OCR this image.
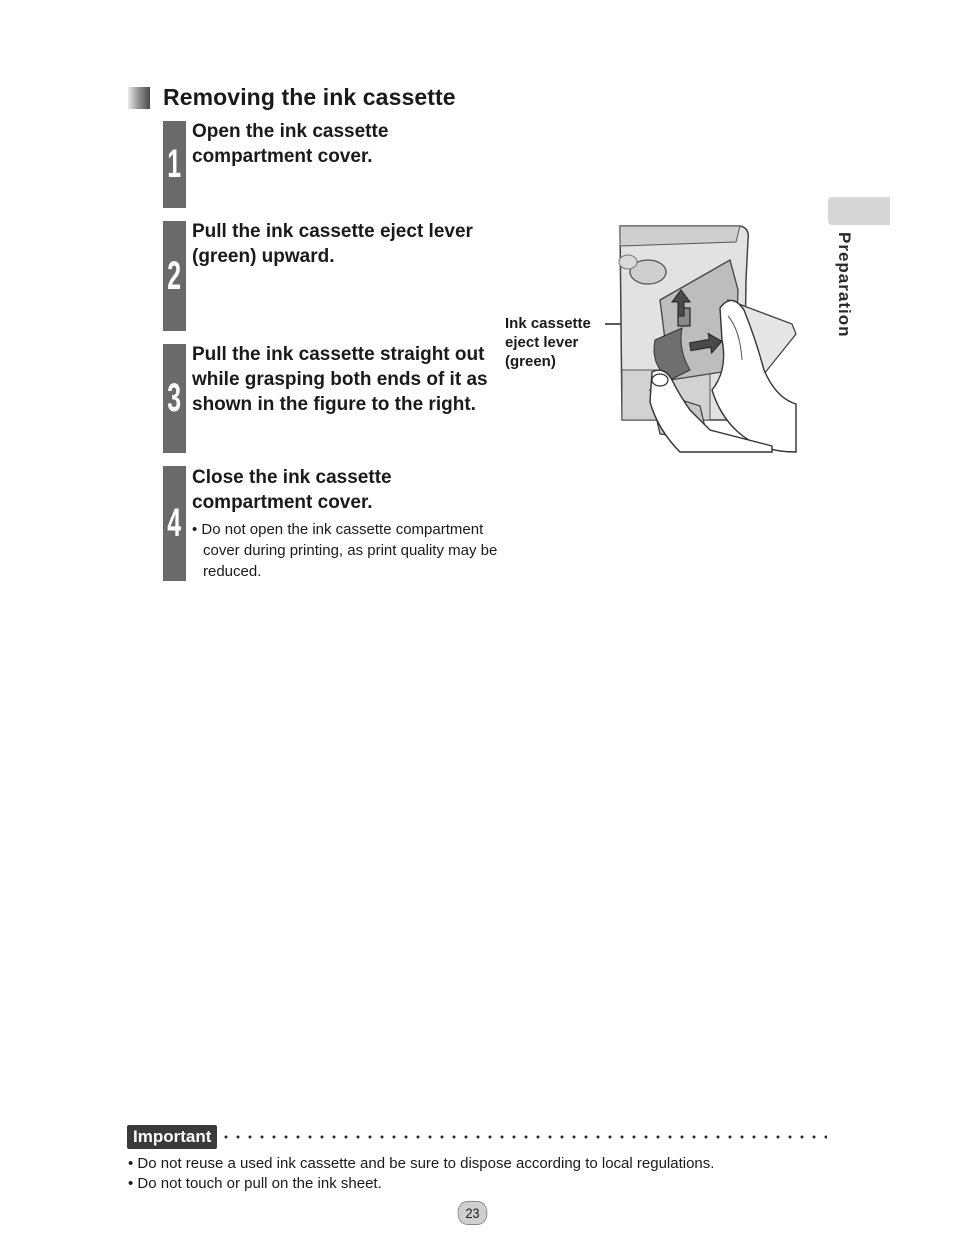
Removing the ink cassette
1
Open the ink cassette compartment cover.
2
Pull the ink cassette eject lever (green) upward.
3
Pull the ink cassette straight out while grasping both ends of it as shown in the figure to the right.
4
Close the ink cassette compartment cover.
• Do not open the ink cassette compartment cover during printing, as print quality may be reduced.
Preparation
Ink cassette
eject lever
(green)
Important
• Do not reuse a used ink cassette and be sure to dispose according to local regulations.
• Do not touch or pull on the ink sheet.
23
